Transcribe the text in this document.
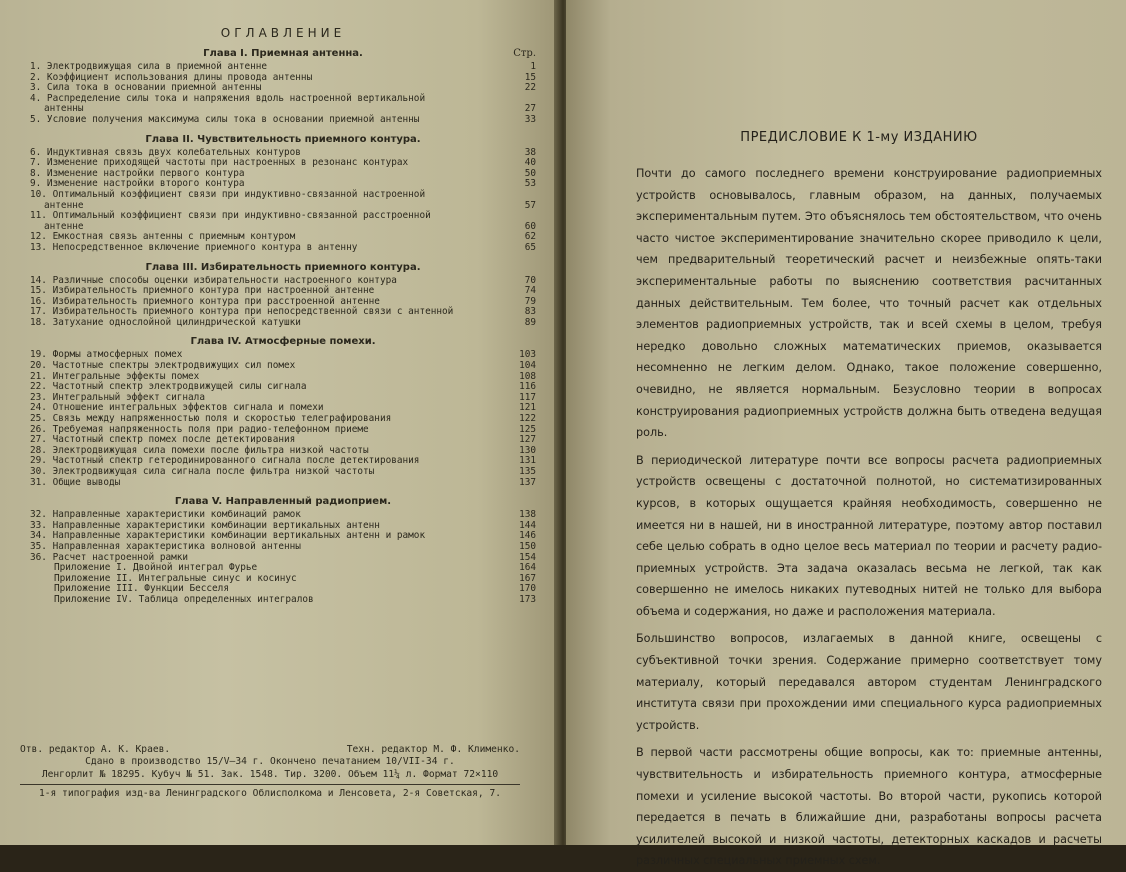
ОГЛАВЛЕНИЕ
Глава I. Приемная антенна.	Стр.
1. Электродвижущая сила в приемной антенне	1
2. Коэффициент использования длины провода антенны	15
3. Сила тока в основании приемной антенны	22
4. Распределение силы тока и напряжения вдоль настроенной вертикальной
антенны	27
5. Условие получения максимума силы тока в основании приемной антенны	33
Глава II. Чувствительность приемного контура.
6. Индуктивная связь двух колебательных контуров	38
7. Изменение приходящей частоты при настроенных в резонанс контурах	40
8. Изменение настройки первого контура	50
9. Изменение настройки второго контура	53
10. Оптимальный коэффициент связи при индуктивно-связанной настроенной
антенне	57
11. Оптимальный коэффициент связи при индуктивно-связанной расстроенной
антенне	60
12. Емкостная связь антенны с приемным контуром	62
13. Непосредственное включение приемного контура в антенну	65
Глава III. Избирательность приемного контура.
14. Различные способы оценки избирательности настроенного контура	70
15. Избирательность приемного контура при настроенной антенне	74
16. Избирательность приемного контура при расстроенной антенне	79
17. Избирательность приемного контура при непосредственной связи с антенной	83
18. Затухание однослойной цилиндрической катушки	89
Глава IV. Атмосферные помехи.
19. Формы атмосферных помех	103
20. Частотные спектры электродвижущих сил помех	104
21. Интегральные эффекты помех	108
22. Частотный спектр электродвижущей силы сигнала	116
23. Интегральный эффект сигнала	117
24. Отношение интегральных эффектов сигнала и помехи	121
25. Связь между напряженностью поля и скоростью телеграфирования	122
26. Требуемая напряженность поля при радио-телефонном приеме	125
27. Частотный спектр помех после детектирования	127
28. Электродвижущая сила помехи после фильтра низкой частоты	130
29. Частотный спектр гетеродинированного сигнала после детектирования	131
30. Электродвижущая сила сигнала после фильтра низкой частоты	135
31. Общие выводы	137
Глава V. Направленный радиоприем.
32. Направленные характеристики комбинаций рамок	138
33. Направленные характеристики комбинации вертикальных антенн	144
34. Направленные характеристики комбинации вертикальных антенн и рамок	146
35. Направленная характеристика волновой антенны	150
36. Расчет настроенной рамки	154
Приложение I. Двойной интеграл Фурье	164
Приложение II. Интегральные синус и косинус	167
Приложение III. Функции Бесселя	170
Приложение IV. Таблица определенных интегралов	173
Отв. редактор А. К. Краев.	Техн. редактор М. Ф. Клименко.
Сдано в производство 15/V—34 г. Окончено печатанием 10/VII-34 г.
Ленгорлит № 18295. Кубуч № 51. Зак. 1548. Тир. 3200. Объем 11¼ л. Формат 72×110
1-я типография изд-ва Ленинградского Облисполкома и Ленсовета, 2-я Советская, 7.
ПРЕДИСЛОВИЕ К 1-му ИЗДАНИЮ

Почти до самого последнего времени конструирование радиоприемных устройств основывалось, главным образом, на данных, получаемых экспериментальным путем. Это объяснялось тем обстоятельством, что очень часто чистое экспериментирование значительно скорее приводило к цели, чем предварительный теоретический расчет и неизбежные опять-таки экспериментальные работы по выяснению соответствия расчитанных данных действительным. Тем более, что точный расчет как отдельных элементов радиоприемных устройств, так и всей схемы в целом, требуя нередко довольно сложных математических приемов, оказывается несомненно не легким делом. Однако, такое положение совершенно, очевидно, не является нормальным. Безусловно теории в вопросах конструирования радиоприемных устройств должна быть отведена ведущая роль.

В периодической литературе почти все вопросы расчета радиоприемных устройств освещены с достаточной полнотой, но систематизированных курсов, в которых ощущается крайняя необходимость, совершенно не имеется ни в нашей, ни в иностранной литературе, поэтому автор поставил себе целью собрать в одно целое весь материал по теории и расчету радио-приемных устройств. Эта задача оказалась весьма не легкой, так как совершенно не имелось никаких путеводных нитей не только для выбора объема и содержания, но даже и расположения материала.

Большинство вопросов, излагаемых в данной книге, освещены с субъективной точки зрения. Содержание примерно соответствует тому материалу, который передавался автором студентам Ленинградского института связи при прохождении ими специального курса радиоприемных устройств.

В первой части рассмотрены общие вопросы, как то: приемные антенны, чувствительность и избирательность приемного контура, атмосферные помехи и усиление высокой частоты. Во второй части, рукопись которой передается в печать в ближайшие дни, разработаны вопросы расчета усилителей высокой и низкой частоты, детекторных каскадов и расчеты различных специальных приемных схем.
